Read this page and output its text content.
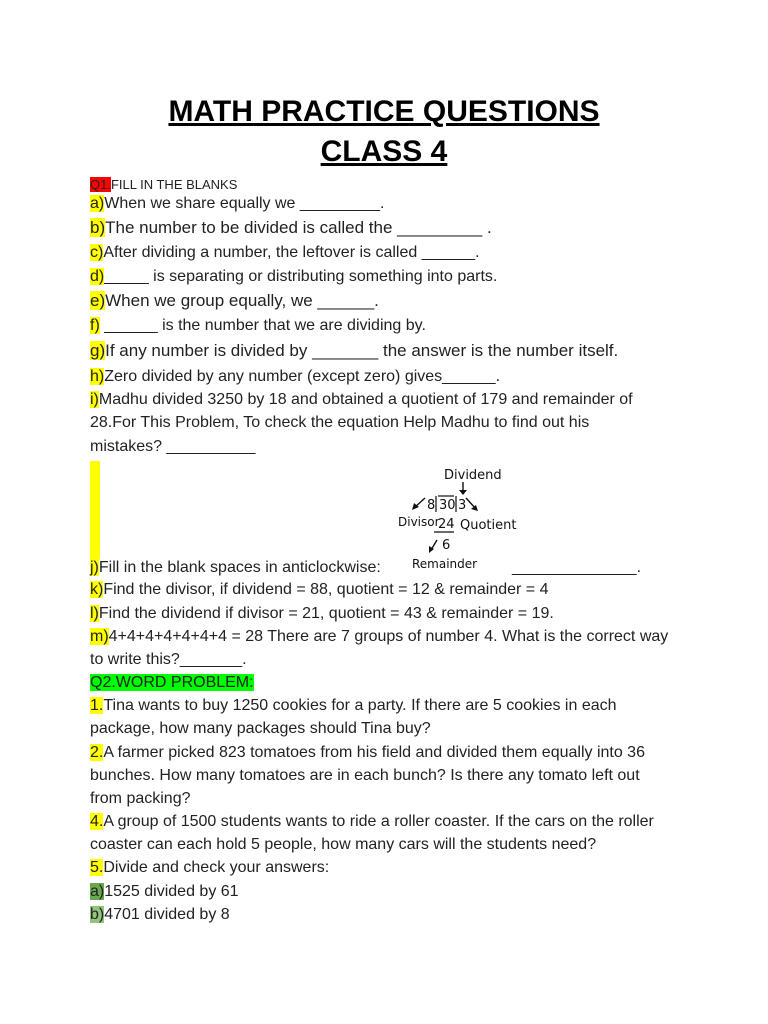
MATH PRACTICE QUESTIONS
CLASS 4
Q1.FILL IN THE BLANKS
a)When we share equally we _________.
b)The number to be divided is called the _________ .
c)After dividing a number, the leftover is called ______.
d)_____ is separating or distributing something into parts.
e)When we group equally, we ______.
f) ______ is the number that we are dividing by.
g)If any number is divided by _______ the answer is the number itself.
h)Zero divided by any number (except zero) gives______.
i)Madhu divided 3250 by 18 and obtained a quotient of 179 and remainder of
28.For This Problem, To check the equation Help Madhu to find out his
mistakes? __________
Dividend
8 30 3
Divisor
24 Quotient
6
Remainder
j)Fill in the blank spaces in anticlockwise:	______________.
k)Find the divisor, if dividend = 88, quotient = 12 & remainder = 4
l)Find the dividend if divisor = 21, quotient = 43 & remainder = 19.
m)4+4+4+4+4+4+4 = 28 There are 7 groups of number 4. What is the correct way
to write this?_______.
Q2.WORD PROBLEM:
1.Tina wants to buy 1250 cookies for a party. If there are 5 cookies in each
package, how many packages should Tina buy?
2.A farmer picked 823 tomatoes from his field and divided them equally into 36
bunches. How many tomatoes are in each bunch? Is there any tomato left out
from packing?
4.A group of 1500 students wants to ride a roller coaster. If the cars on the roller
coaster can each hold 5 people, how many cars will the students need?
5.Divide and check your answers:
a)1525 divided by 61
b)4701 divided by 8
